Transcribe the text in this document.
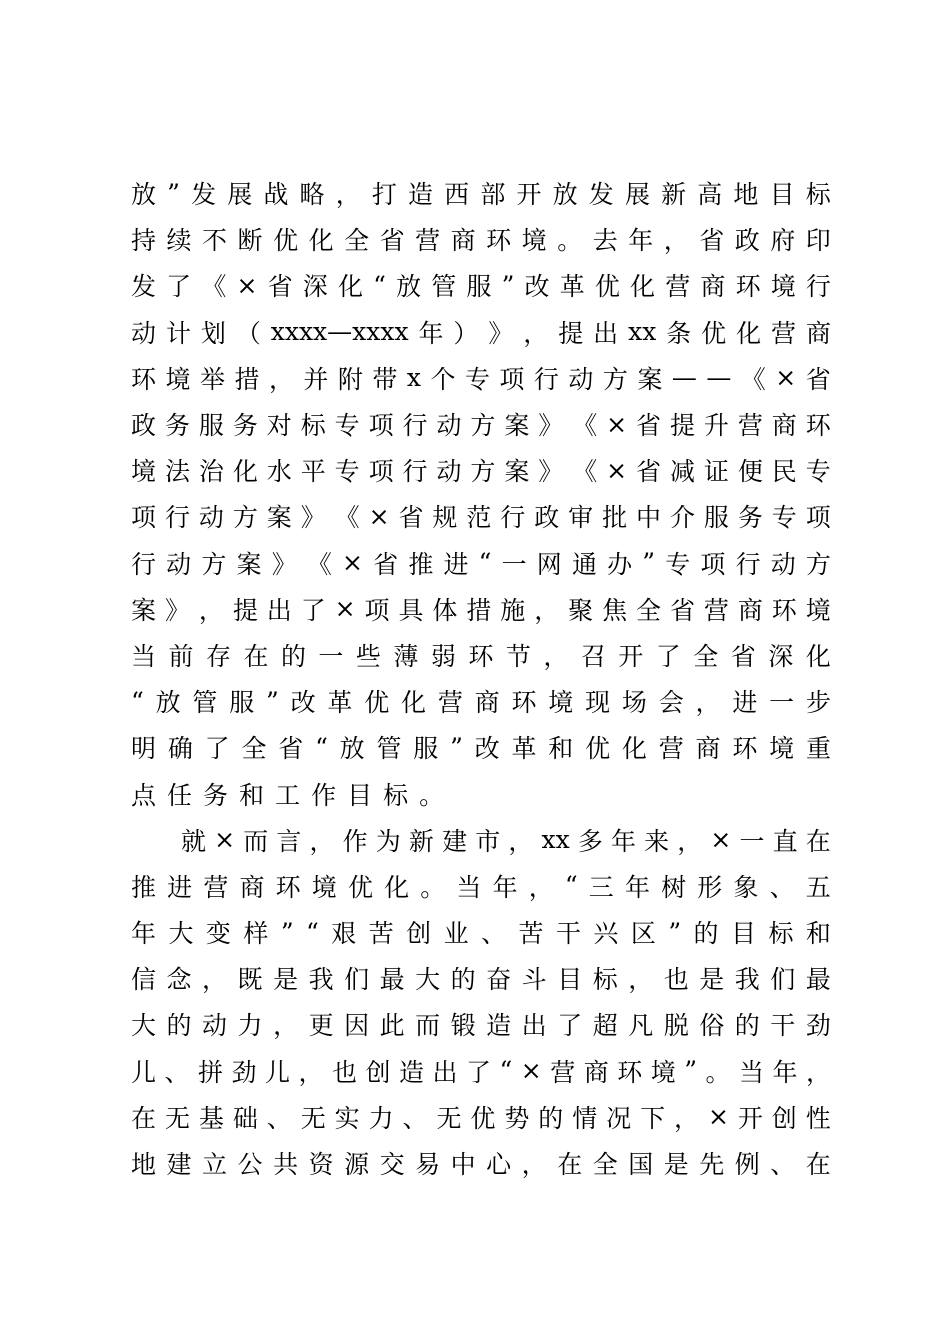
放 ” 发 展 战 略 ， 打 造 西 部 开 放 发 展 新 高 地 目 标
持 续 不 断 优 化 全 省 营 商 环 境 。 去 年 ， 省 政 府 印
发 了 《 × 省 深 化 “ 放 管 服 ” 改 革 优 化 营 商 环 境 行
动 计 划 （ xxxx—xxxx 年 ） 》 ， 提 出 xx 条 优 化 营 商
环 境 举 措 ， 并 附 带 x 个 专 项 行 动 方 案 — — 《 × 省
政 务 服 务 对 标 专 项 行 动 方 案 》 《 × 省 提 升 营 商 环
境 法 治 化 水 平 专 项 行 动 方 案 》 《 × 省 减 证 便 民 专
项 行 动 方 案 》 《 × 省 规 范 行 政 审 批 中 介 服 务 专 项
行 动 方 案 》 《 × 省 推 进 “ 一 网 通 办 ” 专 项 行 动 方
案 》 ， 提 出 了 × 项 具 体 措 施 ， 聚 焦 全 省 营 商 环 境
当 前 存 在 的 一 些 薄 弱 环 节 ， 召 开 了 全 省 深 化
“ 放 管 服 ” 改 革 优 化 营 商 环 境 现 场 会 ， 进 一 步
明 确 了 全 省 “ 放 管 服 ” 改 革 和 优 化 营 商 环 境 重
点 任 务 和 工 作 目 标 。
就 × 而 言 ， 作 为 新 建 市 ， xx 多 年 来 ， × 一 直 在
推 进 营 商 环 境 优 化 。 当 年 ， “ 三 年 树 形 象 、 五
年 大 变 样 ” “ 艰 苦 创 业 、 苦 干 兴 区 ” 的 目 标 和
信 念 ， 既 是 我 们 最 大 的 奋 斗 目 标 ， 也 是 我 们 最
大 的 动 力 ， 更 因 此 而 锻 造 出 了 超 凡 脱 俗 的 干 劲
儿 、 拼 劲 儿 ， 也 创 造 出 了 “ × 营 商 环 境 ” 。 当 年 ，
在 无 基 础 、 无 实 力 、 无 优 势 的 情 况 下 ， × 开 创 性
地 建 立 公 共 资 源 交 易 中 心 ， 在 全 国 是 先 例 、 在
